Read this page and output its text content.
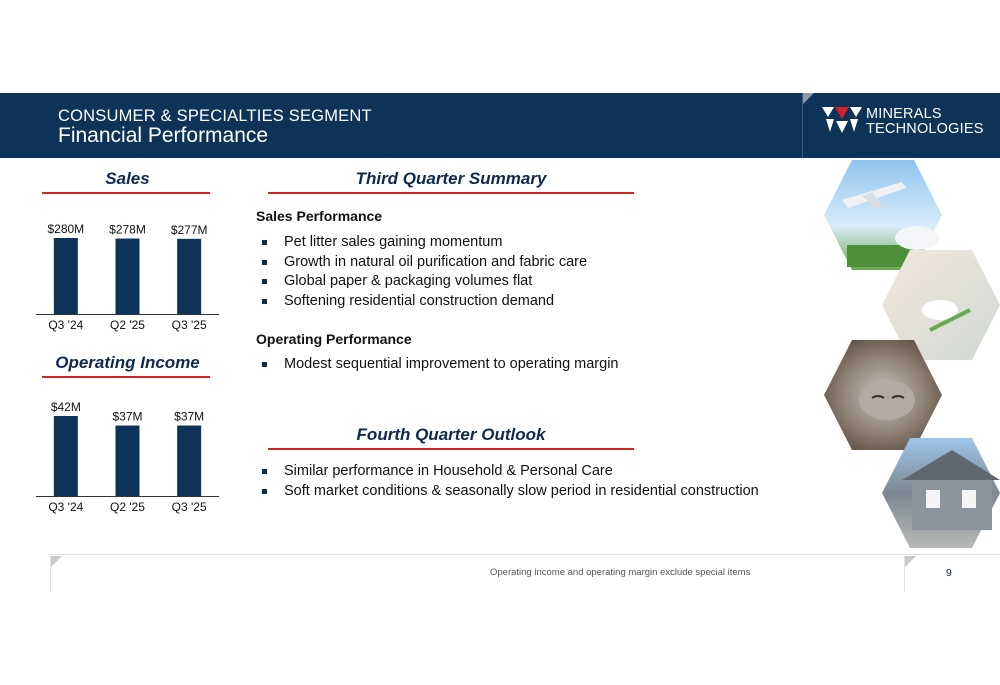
CONSUMER & SPECIALTIES SEGMENT
Financial Performance
MINERALS
TECHNOLOGIES
Sales
$280M
Q3 '24
$278M
Q2 '25
$277M
Q3 '25
Operating Income
$42M
Q3 '24
$37M
Q2 '25
$37M
Q3 '25
Third Quarter Summary
Sales Performance
Pet litter sales gaining momentum
Growth in natural oil purification and fabric care
Global paper & packaging volumes flat
Softening residential construction demand
Operating Performance
Modest sequential improvement to operating margin
Fourth Quarter Outlook
Similar performance in Household & Personal Care
Soft market conditions & seasonally slow period in residential construction
Operating income and operating margin exclude special items	9
